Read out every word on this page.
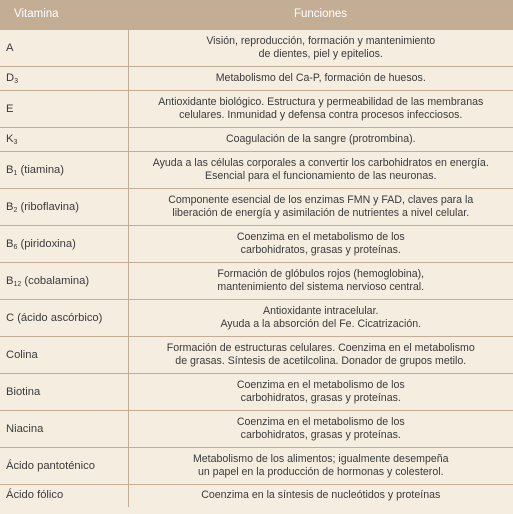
Vitamina	Funciones
A	Visión, reproducción, formación y mantenimiento
de dientes, piel y epitelios.

$D_3$	Metabolismo del Ca-P, formación de huesos.

E	Antioxidante biológico. Estructura y permeabilidad de las membranas
celulares. Inmunidad y defensa contra procesos infecciosos.

$K_3$	Coagulación de la sangre (protrombina).

$B_1$ (tiamina)	Ayuda a las células corporales a convertir los carbohidratos en energía.
Esencial para el funcionamiento de las neuronas.

$B_2$ (riboflavina)	Componente esencial de los enzimas FMN y FAD, claves para la
liberación de energía y asimilación de nutrientes a nivel celular.

$B_6$ (piridoxina)	Coenzima en el metabolismo de los
carbohidratos, grasas y proteínas.

$B_{12}$ (cobalamina)	Formación de glóbulos rojos (hemoglobina),
mantenimiento del sistema nervioso central.

C (ácido ascórbico)	Antioxidante intracelular.
Ayuda a la absorción del Fe. Cicatrización.

Colina	Formación de estructuras celulares. Coenzima en el metabolismo
de grasas. Síntesis de acetilcolina. Donador de grupos metilo.

Biotina	Coenzima en el metabolismo de los
carbohidratos, grasas y proteínas.

Niacina	Coenzima en el metabolismo de los
carbohidratos, grasas y proteínas.

Ácido pantoténico	Metabolismo de los alimentos; igualmente desempeña
un papel en la producción de hormonas y colesterol.

Ácido fólico	Coenzima en la síntesis de nucleótidos y proteínas
